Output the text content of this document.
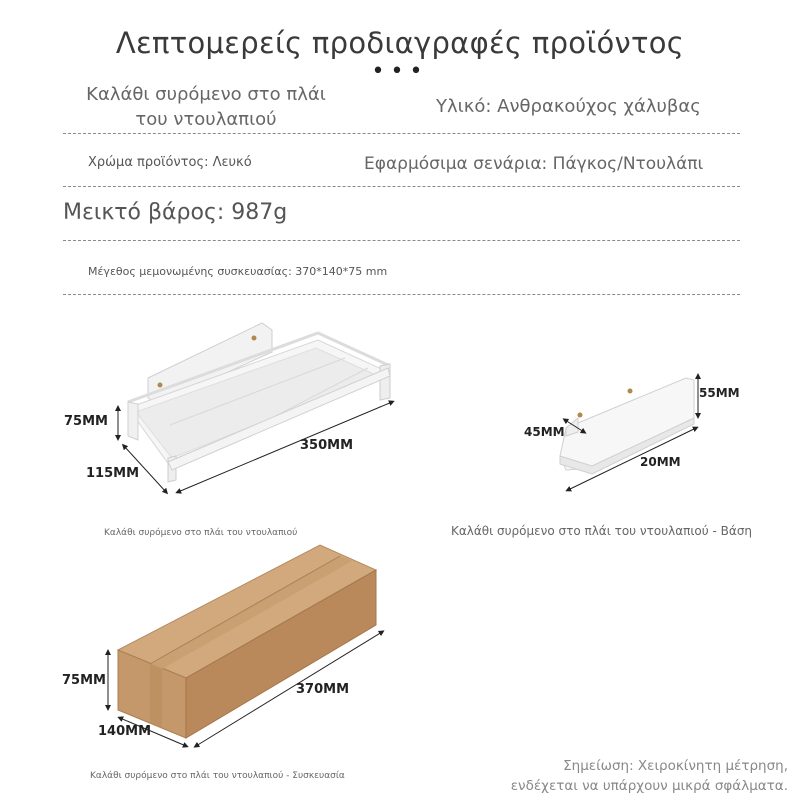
Λεπτομερείς προδιαγραφές προϊόντος
•••
Καλάθι συρόμενο στο πλάι του ντουλαπιού
Υλικό: Ανθρακούχος χάλυβας
Χρώμα προϊόντος: Λευκό	Εφαρμόσιμα σενάρια: Πάγκος/Ντουλάπι
Μεικτό βάρος: 987g
Μέγεθος μεμονωμένης συσκευασίας: 370*140*75 mm
75MM
350MM
115MM
Καλάθι συρόμενο στο πλάι του ντουλαπιού
55MM
45MM
20MM
Καλάθι συρόμενο στο πλάι του ντουλαπιού - Βάση
75MM
370MM
140MM
Καλάθι συρόμενο στο πλάι του ντουλαπιού - Συσκευασία
Σημείωση: Χειροκίνητη μέτρηση,
ενδέχεται να υπάρχουν μικρά σφάλματα.
